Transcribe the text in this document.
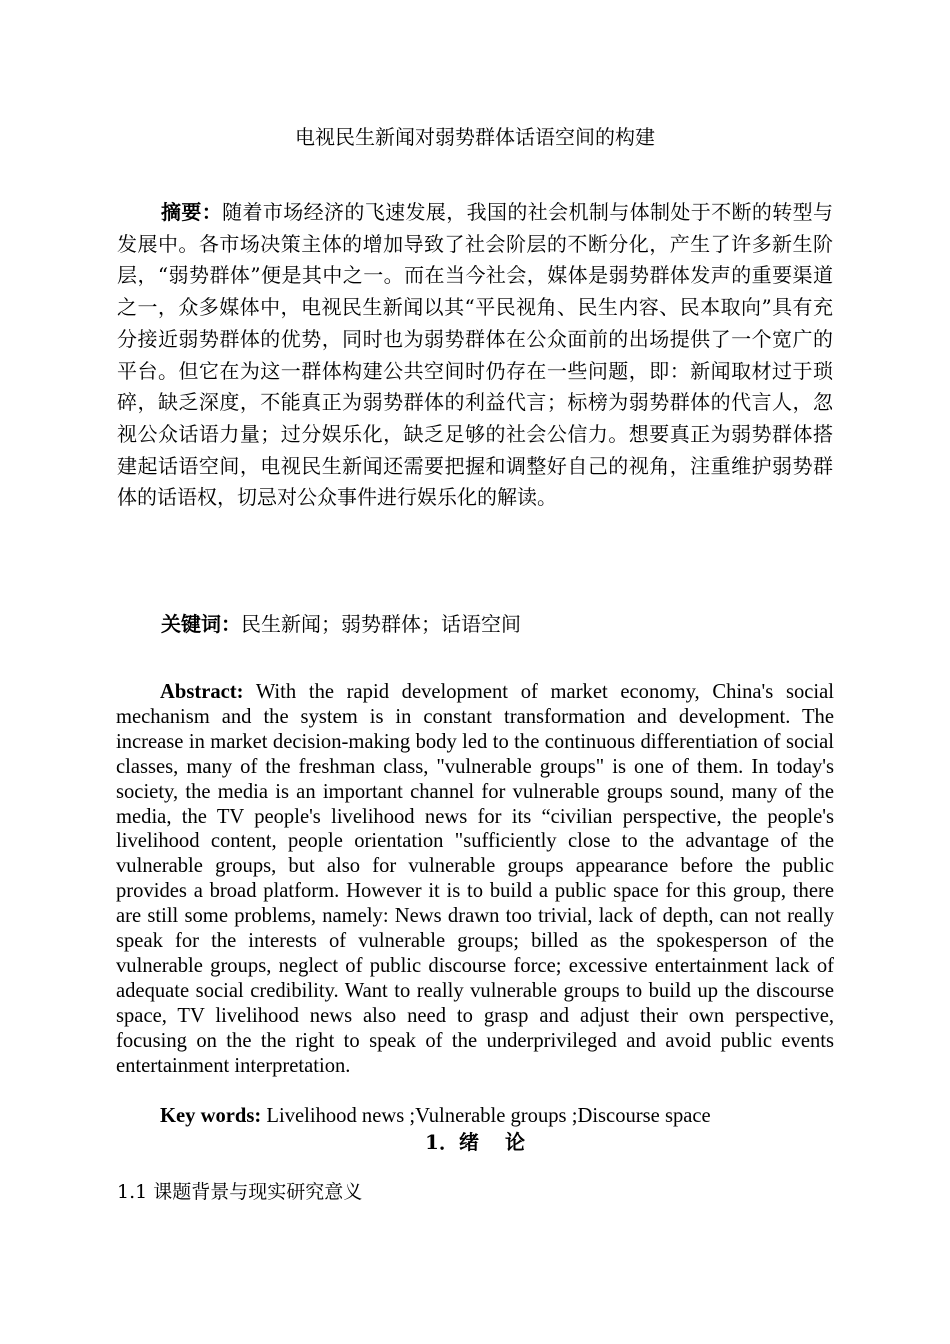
电视民生新闻对弱势群体话语空间的构建

摘要：随着市场经济的飞速发展，我国的社会机制与体制处于不断的转型与发展中。各市场决策主体的增加导致了社会阶层的不断分化，产生了许多新生阶层，“弱势群体”便是其中之一。而在当今社会，媒体是弱势群体发声的重要渠道之一，众多媒体中，电视民生新闻以其“平民视角、民生内容、民本取向”具有充分接近弱势群体的优势，同时也为弱势群体在公众面前的出场提供了一个宽广的平台。但它在为这一群体构建公共空间时仍存在一些问题，即：新闻取材过于琐碎，缺乏深度，不能真正为弱势群体的利益代言；标榜为弱势群体的代言人，忽视公众话语力量；过分娱乐化，缺乏足够的社会公信力。想要真正为弱势群体搭建起话语空间，电视民生新闻还需要把握和调整好自己的视角，注重维护弱势群体的话语权，切忌对公众事件进行娱乐化的解读。

关键词：民生新闻；弱势群体；话语空间

Abstract: With the rapid development of market economy, China's social mechanism and the system is in constant transformation and development. The increase in market decision-making body led to the continuous differentiation of social classes, many of the freshman class, "vulnerable groups" is one of them. In today's society, the media is an important channel for vulnerable groups sound, many of the media, the TV people's livelihood news for its “civilian perspective, the people's livelihood content, people orientation "sufficiently close to the advantage of the vulnerable groups, but also for vulnerable groups appearance before the public provides a broad platform. However it is to build a public space for this group, there are still some problems, namely: News drawn too trivial, lack of depth, can not really speak for the interests of vulnerable groups; billed as the spokesperson of the vulnerable groups, neglect of public discourse force; excessive entertainment lack of adequate social credibility. Want to really vulnerable groups to build up the discourse space, TV livelihood news also need to grasp and adjust their own perspective, focusing on the the right to speak of the underprivileged and avoid public events entertainment interpretation.

Key words: Livelihood news ;Vulnerable groups ;Discourse space

1．绪 论

1.1 课题背景与现实研究意义
